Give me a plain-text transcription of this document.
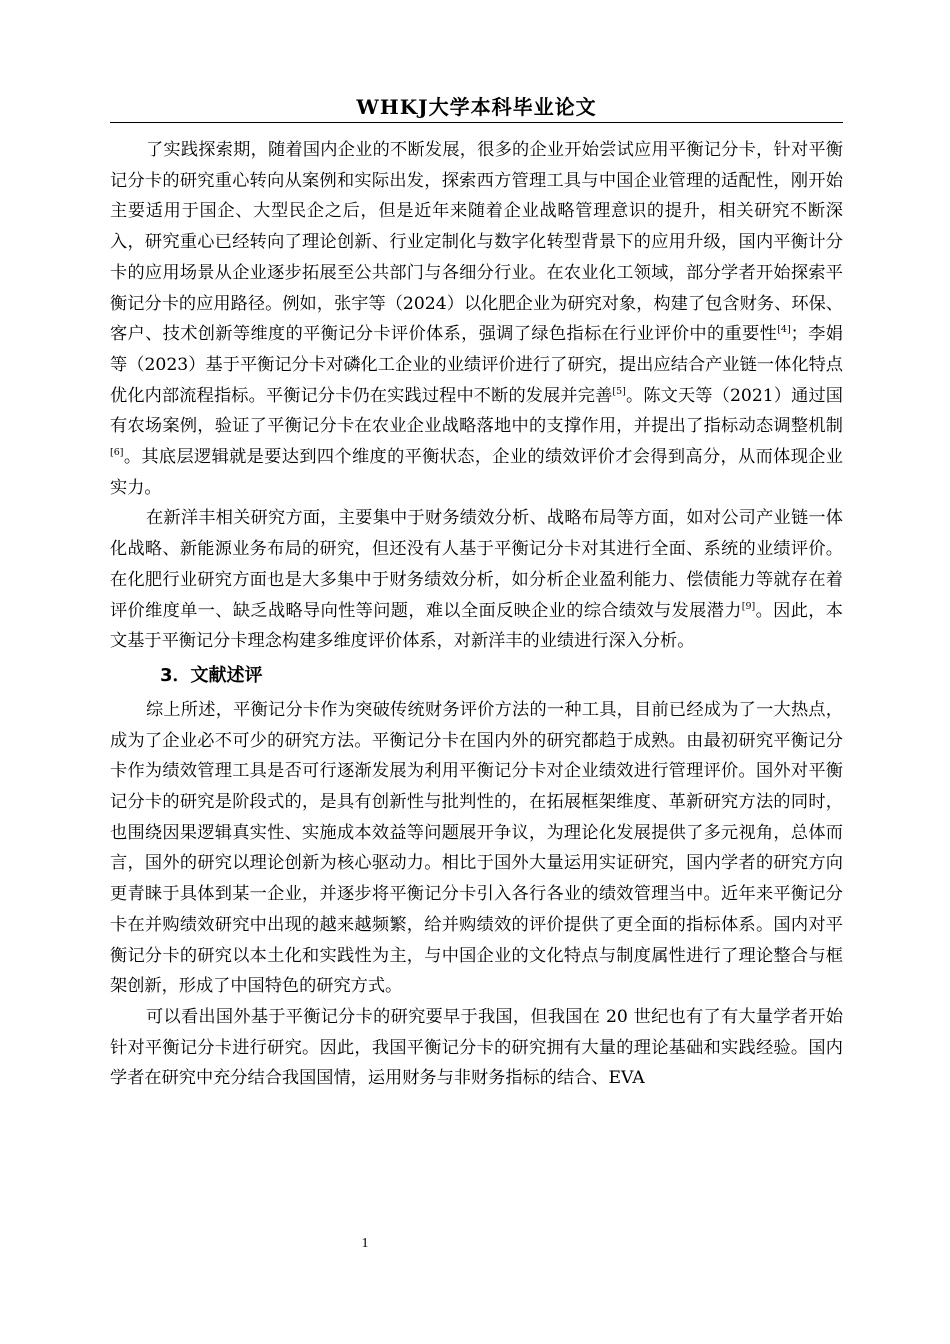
WHKJ大学本科毕业论文

了实践探索期，随着国内企业的不断发展，很多的企业开始尝试应用平衡记分卡，针对平衡记分卡的研究重心转向从案例和实际出发，探索西方管理工具与中国企业管理的适配性，刚开始主要适用于国企、大型民企之后，但是近年来随着企业战略管理意识的提升，相关研究不断深入，研究重心已经转向了理论创新、行业定制化与数字化转型背景下的应用升级，国内平衡计分卡的应用场景从企业逐步拓展至公共部门与各细分行业。在农业化工领域，部分学者开始探索平衡记分卡的应用路径。例如，张宇等（2024）以化肥企业为研究对象，构建了包含财务、环保、客户、技术创新等维度的平衡记分卡评价体系，强调了绿色指标在行业评价中的重要性[4]；李娟等（2023）基于平衡记分卡对磷化工企业的业绩评价进行了研究，提出应结合产业链一体化特点优化内部流程指标。平衡记分卡仍在实践过程中不断的发展并完善[5]。陈文天等（2021）通过国有农场案例，验证了平衡记分卡在农业企业战略落地中的支撑作用，并提出了指标动态调整机制[6]。其底层逻辑就是要达到四个维度的平衡状态，企业的绩效评价才会得到高分，从而体现企业实力。

在新洋丰相关研究方面，主要集中于财务绩效分析、战略布局等方面，如对公司产业链一体化战略、新能源业务布局的研究，但还没有人基于平衡记分卡对其进行全面、系统的业绩评价。在化肥行业研究方面也是大多集中于财务绩效分析，如分析企业盈利能力、偿债能力等就存在着评价维度单一、缺乏战略导向性等问题，难以全面反映企业的综合绩效与发展潜力[9]。因此，本文基于平衡记分卡理念构建多维度评价体系，对新洋丰的业绩进行深入分析。

3．文献述评

综上所述，平衡记分卡作为突破传统财务评价方法的一种工具，目前已经成为了一大热点，成为了企业必不可少的研究方法。平衡记分卡在国内外的研究都趋于成熟。由最初研究平衡记分卡作为绩效管理工具是否可行逐渐发展为利用平衡记分卡对企业绩效进行管理评价。国外对平衡记分卡的研究是阶段式的，是具有创新性与批判性的，在拓展框架维度、革新研究方法的同时，也围绕因果逻辑真实性、实施成本效益等问题展开争议，为理论化发展提供了多元视角，总体而言，国外的研究以理论创新为核心驱动力。相比于国外大量运用实证研究，国内学者的研究方向更青睐于具体到某一企业，并逐步将平衡记分卡引入各行各业的绩效管理当中。近年来平衡记分卡在并购绩效研究中出现的越来越频繁，给并购绩效的评价提供了更全面的指标体系。国内对平衡记分卡的研究以本土化和实践性为主，与中国企业的文化特点与制度属性进行了理论整合与框架创新，形成了中国特色的研究方式。

可以看出国外基于平衡记分卡的研究要早于我国，但我国在 20 世纪也有了有大量学者开始针对平衡记分卡进行研究。因此，我国平衡记分卡的研究拥有大量的理论基础和实践经验。国内学者在研究中充分结合我国国情，运用财务与非财务指标的结合、EVA

1
